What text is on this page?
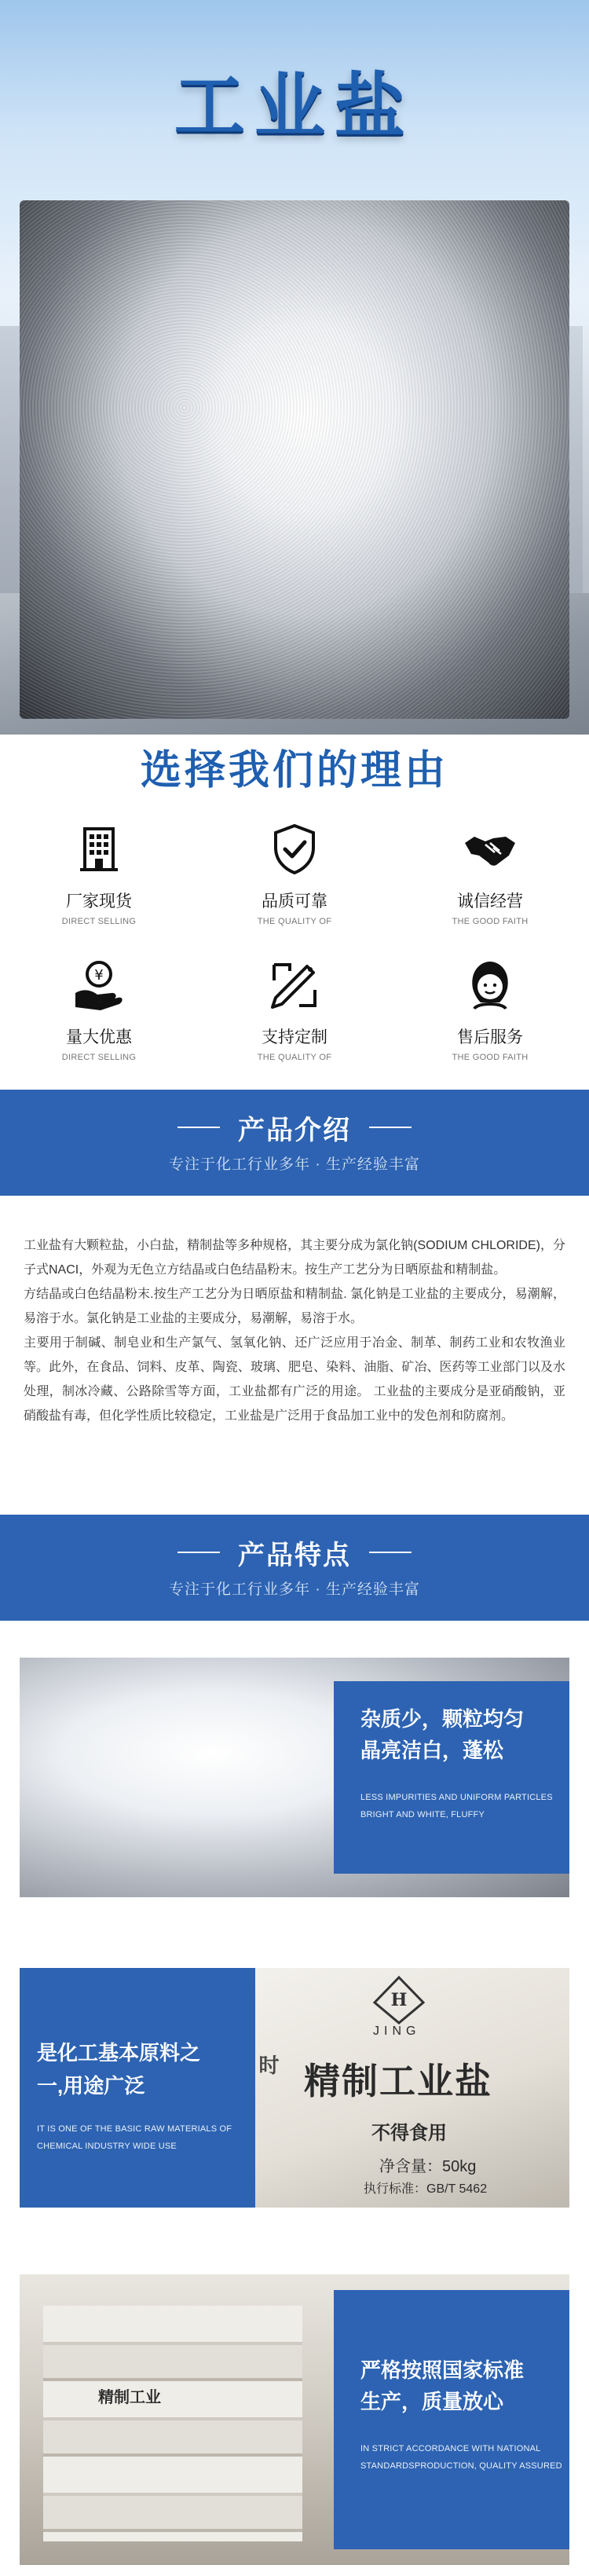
工业盐
选择我们的理由
厂家现货
DIRECT SELLING
品质可靠
THE QUALITY OF
诚信经营
THE GOOD FAITH
¥
量大优惠
DIRECT SELLING
支持定制
THE QUALITY OF
售后服务
THE GOOD FAITH
产品介绍
专注于化工行业多年 · 生产经验丰富

工业盐有大颗粒盐，小白盐，精制盐等多种规格，其主要分成为氯化钠(SODIUM CHLORIDE)，分子式NACI，外观为无色立方结晶或白色结晶粉末。按生产工艺分为日晒原盐和精制盐。

方结晶或白色结晶粉末.按生产工艺分为日晒原盐和精制盐. 氯化钠是工业盐的主要成分，易潮解，易溶于水。氯化钠是工业盐的主要成分，易潮解，易溶于水。

主要用于制碱、制皂业和生产氯气、氢氧化钠、还广泛应用于冶金、制革、制药工业和农牧渔业等。此外，在食品、饲料、皮革、陶瓷、玻璃、肥皂、染料、油脂、矿冶、医药等工业部门以及水处理，制冰冷藏、公路除雪等方面，工业盐都有广泛的用途。 工业盐的主要成分是亚硝酸钠，亚硝酸盐有毒，但化学性质比较稳定，工业盐是广泛用于食品加工业中的发色剂和防腐剂。

产品特点
专注于化工行业多年 · 生产经验丰富
杂质少，颗粒均匀
晶亮洁白，蓬松
LESS IMPURITIES AND UNIFORM PARTICLES
BRIGHT AND WHITE, FLUFFY
是化工基本原料之
一,用途广泛
IT IS ONE OF THE BASIC RAW MATERIALS OF
CHEMICAL INDUSTRY WIDE USE
H
JING
精制工业盐
不得食用
净含量：50kg
执行标准：GB/T 5462
时
精制工业
严格按照国家标准
生产，质量放心
IN STRICT ACCORDANCE WITH NATIONAL
STANDARDSPRODUCTION, QUALITY ASSURED
